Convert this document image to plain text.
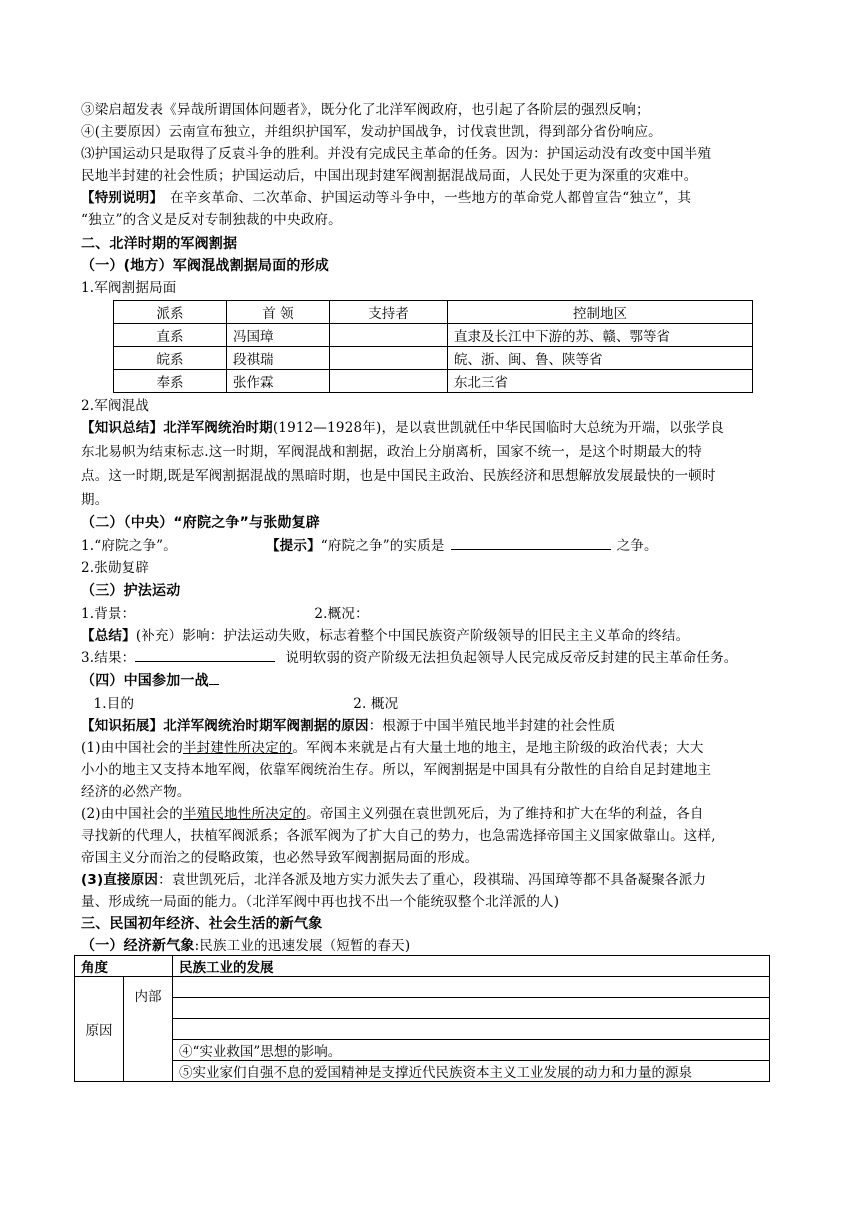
③梁启超发表《异哉所谓国体问题者》，既分化了北洋军阀政府，也引起了各阶层的强烈反响；
④(主要原因）云南宣布独立，并组织护国军，发动护国战争，讨伐袁世凯，得到部分省份响应。
⑶护国运动只是取得了反袁斗争的胜利。并没有完成民主革命的任务。因为：护国运动没有改变中国半殖
民地半封建的社会性质；护国运动后，中国出现封建军阀割据混战局面，人民处于更为深重的灾难中。
【特别说明】　在辛亥革命、二次革命、护国运动等斗争中，一些地方的革命党人都曾宣告“独立”，其
“独立”的含义是反对专制独裁的中央政府。
二、北洋时期的军阀割据
（一）(地方）军阀混战割据局面的形成
1.军阀割据局面
派系	首 领	支持者	控制地区
直系	冯国璋		直隶及长江中下游的苏、赣、鄂等省
皖系	段祺瑞		皖、浙、闽、鲁、陕等省
奉系	张作霖		东北三省
2.军阀混战
【知识总结】北洋军阀统治时期(1912—1928年)，是以袁世凯就任中华民国临时大总统为开端，以张学良
东北易帜为结束标志.这一时期，军阀混战和割据，政治上分崩离析，国家不统一，是这个时期最大的特
点。这一时期,既是军阀割据混战的黑暗时期，也是中国民主政治、民族经济和思想解放发展最快的一顿时
期。
（二）（中央）“府院之争”与张勋复辟
1.“府院之争”。	【提示】“府院之争”的实质是	之争。
2.张勋复辟
（三）护法运动
1.背景：	2.概况：
【总结】(补充）影响：护法运动失败，标志着整个中国民族资产阶级领导的旧民主主义革命的终结。
3.结果：	说明软弱的资产阶级无法担负起领导人民完成反帝反封建的民主革命任务。
（四）中国参加一战
1.目的	2. 概况
【知识拓展】北洋军阀统治时期军阀割据的原因：根源于中国半殖民地半封建的社会性质
(1)由中国社会的半封建性所决定的。军阀本来就是占有大量土地的地主，是地主阶级的政治代表；大大
小小的地主又支持本地军阀，依靠军阀统治生存。所以，军阀割据是中国具有分散性的自给自足封建地主
经济的必然产物。
(2)由中国社会的半殖民地性所决定的。帝国主义列强在袁世凯死后，为了维持和扩大在华的利益，各自
寻找新的代理人，扶植军阀派系；各派军阀为了扩大自己的势力，也急需选择帝国主义国家做靠山。这样,
帝国主义分而治之的侵略政策，也必然导致军阀割据局面的形成。
(3)直接原因：袁世凯死后，北洋各派及地方实力派失去了重心，段祺瑞、冯国璋等都不具备凝聚各派力
量、形成统一局面的能力。（北洋军阀中再也找不出一个能统驭整个北洋派的人)
三、民国初年经济、社会生活的新气象
（一）经济新气象:民族工业的迅速发展（短暂的春天)
角度		民族工业的发展
原因	内部	

		④“实业救国”思想的影响。
		⑤实业家们自强不息的爱国精神是支撑近代民族资本主义工业发展的动力和力量的源泉
